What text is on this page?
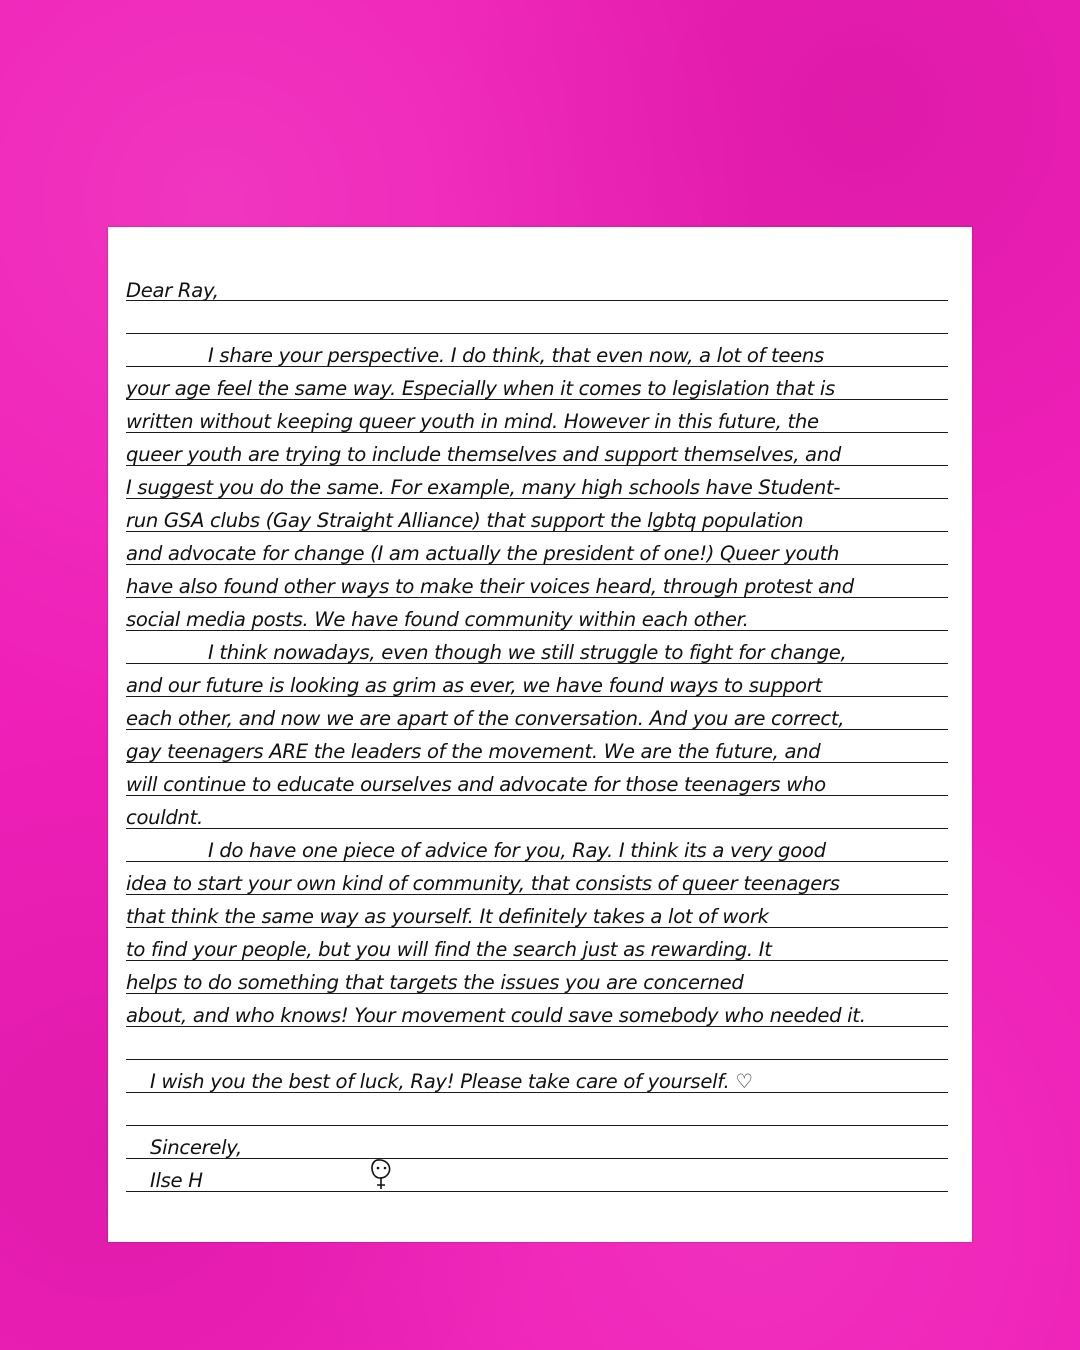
Dear Ray,
I share your perspective. I do think, that even now, a lot of teens
your age feel the same way. Especially when it comes to legislation that is
written without keeping queer youth in mind. However in this future, the
queer youth are trying to include themselves and support themselves, and
I suggest you do the same. For example, many high schools have Student-
run GSA clubs (Gay Straight Alliance) that support the lgbtq population
and advocate for change (I am actually the president of one!) Queer youth
have also found other ways to make their voices heard, through protest and
social media posts. We have found community within each other.
I think nowadays, even though we still struggle to fight for change,
and our future is looking as grim as ever, we have found ways to support
each other, and now we are apart of the conversation. And you are correct,
gay teenagers ARE the leaders of the movement. We are the future, and
will continue to educate ourselves and advocate for those teenagers who
couldnt.
I do have one piece of advice for you, Ray. I think its a very good
idea to start your own kind of community, that consists of queer teenagers
that think the same way as yourself. It definitely takes a lot of work
to find your people, but you will find the search just as rewarding. It
helps to do something that targets the issues you are concerned
about, and who knows! Your movement could save somebody who needed it.
I wish you the best of luck, Ray! Please take care of yourself. ♡
Sincerely,
Ilse H
